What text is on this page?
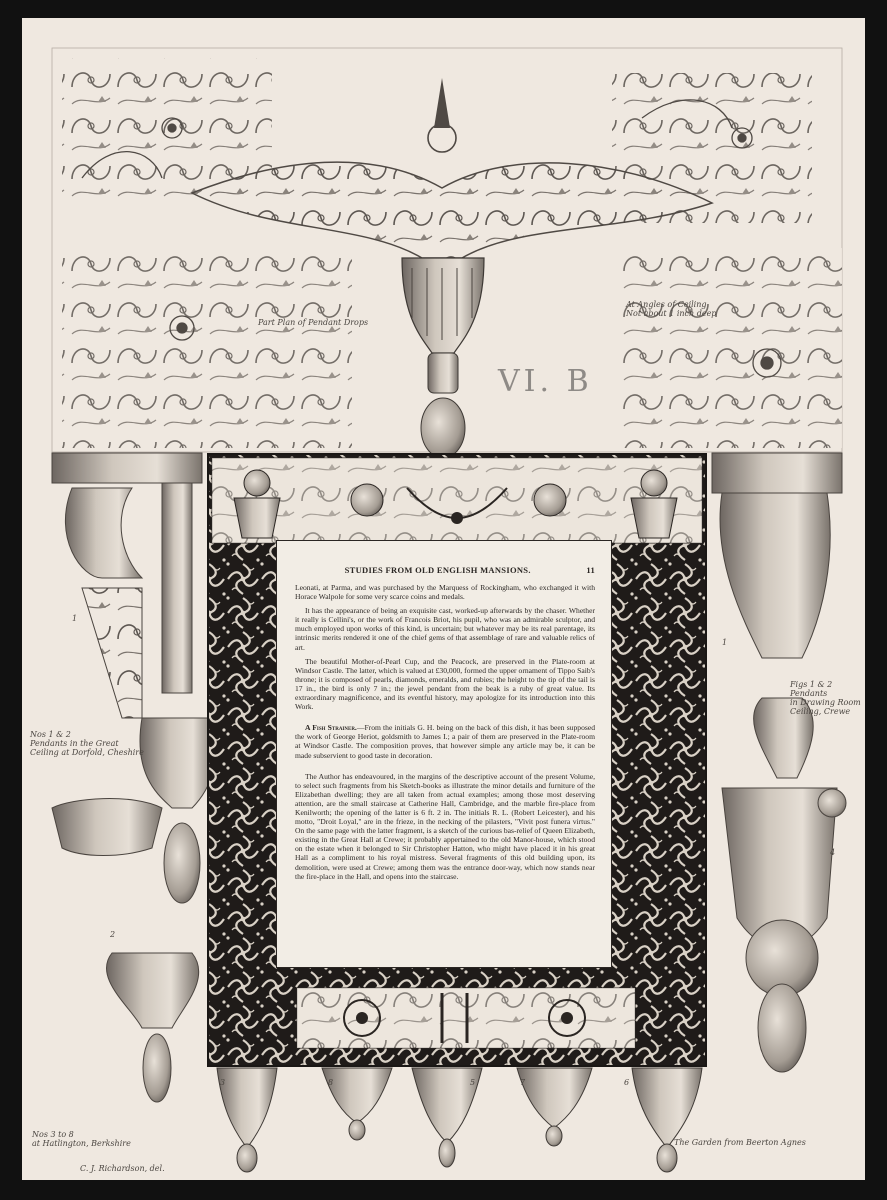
Part Plan of Pendant Drops
At Angles of Ceiling
Not about 1 inch deep
VI. B
Nos 1 & 2
Pendants in the Great
Ceiling at Dorfold, Cheshire
Figs 1 & 2 Pendants
in Drawing Room
Ceiling, Crewe
Nos 3 to 8
at Hatlington, Berkshire	The Garden from Beerton Agnes
C. J. Richardson, del.
1
1
2
4
3	8	5	7	6
STUDIES FROM OLD ENGLISH MANSIONS.	11

Leonati, at Parma, and was purchased by the Marquess of Rockingham, who exchanged it with Horace Walpole for some very scarce coins and medals.

It has the appearance of being an exquisite cast, worked-up afterwards by the chaser. Whether it really is Cellini's, or the work of Francois Briot, his pupil, who was an admirable sculptor, and much employed upon works of this kind, is uncertain; but whatever may be its real parentage, its intrinsic merits rendered it one of the chief gems of that assemblage of rare and valuable relics of art.

The beautiful Mother-of-Pearl Cup, and the Peacock, are preserved in the Plate-room at Windsor Castle. The latter, which is valued at £30,000, formed the upper ornament of Tippo Saib's throne; it is composed of pearls, diamonds, emeralds, and rubies; the height to the tip of the tail is 17 in., the bird is only 7 in.; the jewel pendant from the beak is a ruby of great value. Its extraordinary magnificence, and its eventful history, may apologize for its introduction into this Work.

A Fish Strainer.—From the initials G. H. being on the back of this dish, it has been supposed the work of George Heriot, goldsmith to James I.; a pair of them are preserved in the Plate-room at Windsor Castle. The composition proves, that however simple any article may be, it can be made subservient to good taste in decoration.

The Author has endeavoured, in the margins of the descriptive account of the present Volume, to select such fragments from his Sketch-books as illustrate the minor details and furniture of the Elizabethan dwelling; they are all taken from actual examples; among those most deserving attention, are the small staircase at Catherine Hall, Cambridge, and the marble fire-place from Kenilworth; the opening of the latter is 6 ft. 2 in. The initials R. L. (Robert Leicester), and his motto, "Droit Loyal," are in the frieze, in the necking of the pilasters, "Vivit post funera virtus." On the same page with the latter fragment, is a sketch of the curious bas-relief of Queen Elizabeth, existing in the Great Hall at Crewe; it probably appertained to the old Manor-house, which stood on the estate when it belonged to Sir Christopher Hatton, who might have placed it in his great Hall as a compliment to his royal mistress. Several fragments of this old building upon, its demolition, were used at Crewe; among them was the entrance door-way, which now stands near the fire-place in the Hall, and opens into the staircase.
